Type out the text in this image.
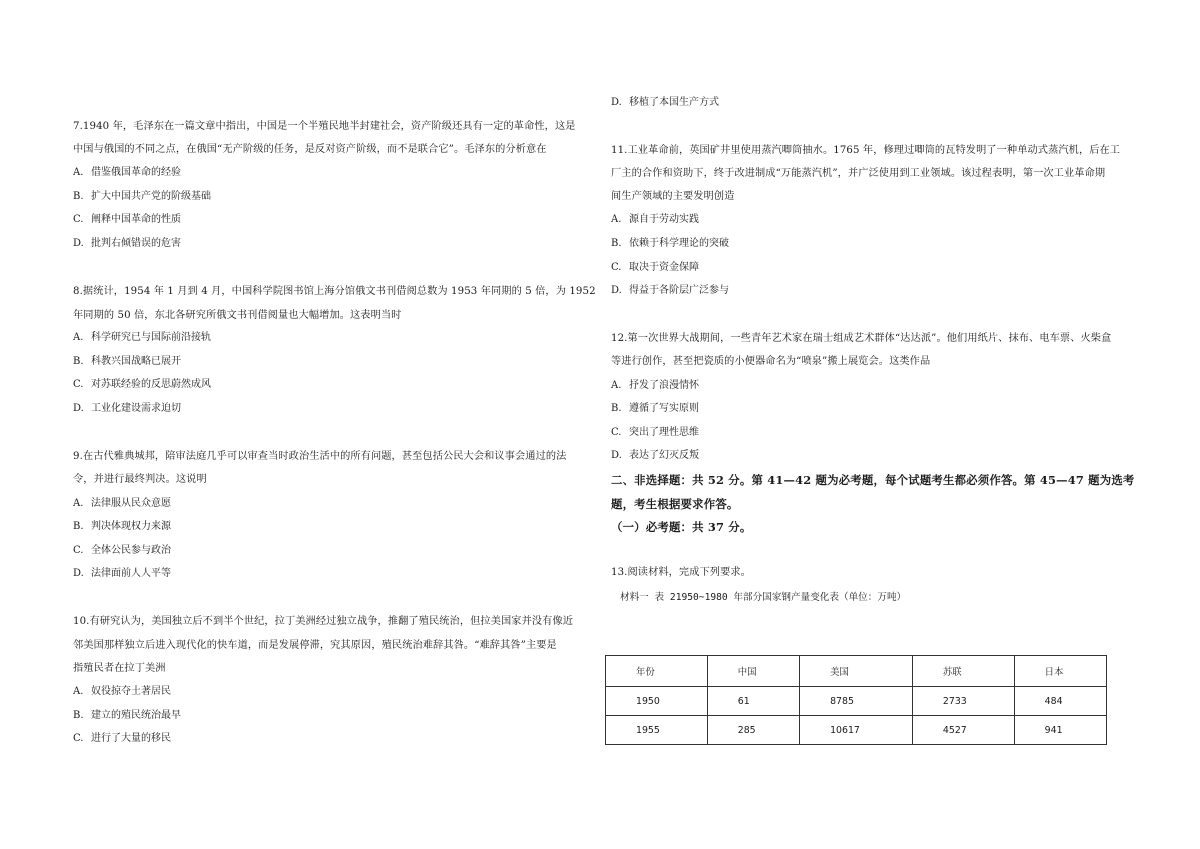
7.1940 年，毛泽东在一篇文章中指出，中国是一个半殖民地半封建社会，资产阶级还具有一定的革命性，这是
中国与俄国的不同之点，在俄国“无产阶级的任务，是反对资产阶级，而不是联合它”。毛泽东的分析意在
A. 借鉴俄国革命的经验
B. 扩大中国共产党的阶级基础
C. 阐释中国革命的性质
D. 批判右倾错误的危害
8.据统计，1954 年 1 月到 4 月，中国科学院图书馆上海分馆俄文书刊借阅总数为 1953 年同期的 5 倍，为 1952
年同期的 50 倍，东北各研究所俄文书刊借阅量也大幅增加。这表明当时
A. 科学研究已与国际前沿接轨
B. 科教兴国战略已展开
C. 对苏联经验的反思蔚然成风
D. 工业化建设需求迫切
9.在古代雅典城邦，陪审法庭几乎可以审查当时政治生活中的所有问题，甚至包括公民大会和议事会通过的法
令，并进行最终判决。这说明
A. 法律服从民众意愿
B. 判决体现权力来源
C. 全体公民参与政治
D. 法律面前人人平等
10.有研究认为，美国独立后不到半个世纪，拉丁美洲经过独立战争，推翻了殖民统治，但拉美国家并没有像近
邻美国那样独立后进入现代化的快车道，而是发展停滞，究其原因，殖民统治难辞其咎。“难辞其咎”主要是
指殖民者在拉丁美洲
A. 奴役掠夺土著居民
B. 建立的殖民统治最早
C. 进行了大量的移民
D. 移植了本国生产方式
11.工业革命前，英国矿井里使用蒸汽唧筒抽水。1765 年，修理过唧筒的瓦特发明了一种单动式蒸汽机，后在工
厂主的合作和资助下，终于改进制成“万能蒸汽机”，并广泛使用到工业领域。该过程表明，第一次工业革命期
间生产领域的主要发明创造
A. 源自于劳动实践
B. 依赖于科学理论的突破
C. 取决于资金保障
D. 得益于各阶层广泛参与
12.第一次世界大战期间，一些青年艺术家在瑞士组成艺术群体“达达派”。他们用纸片、抹布、电车票、火柴盒
等进行创作，甚至把瓷质的小便器命名为“喷泉”搬上展览会。这类作品
A. 抒发了浪漫情怀
B. 遵循了写实原则
C. 突出了理性思维
D. 表达了幻灭反叛
二、非选择题：共 52 分。第 41—42 题为必考题，每个试题考生都必须作答。第 45—47 题为选考
题，考生根据要求作答。
（一）必考题：共 37 分。
13.阅读材料，完成下列要求。
材料一 表 21950~1980 年部分国家钢产量变化表（单位：万吨）
年份	中国	美国	苏联	日本
1950	61	8785	2733	484
1955	285	10617	4527	941
